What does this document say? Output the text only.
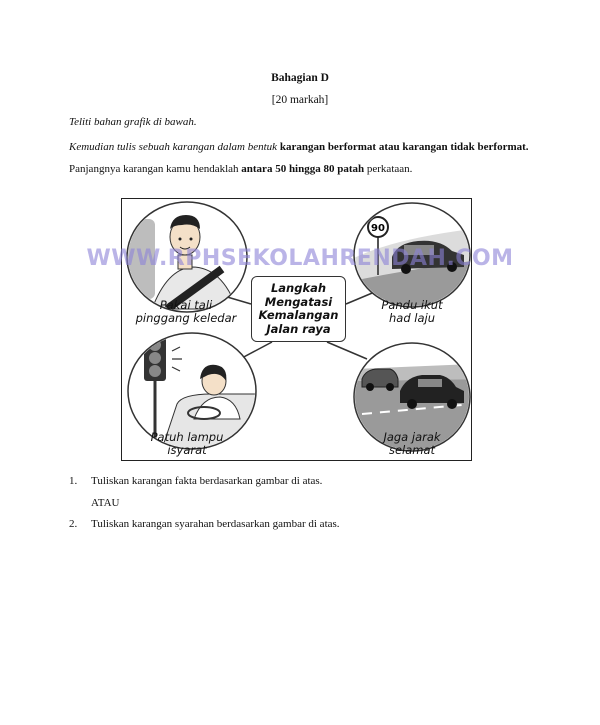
Bahagian D
[20 markah]
Teliti bahan grafik di bawah.
Kemudian tulis sebuah karangan dalam bentuk karangan berformat atau karangan tidak berformat. Panjangnya karangan kamu hendaklah antara 50 hingga 80 patah perkataan.
90
Langkah
Mengatasi
Kemalangan
Jalan raya
Pakai tali
pinggang keledar
Pandu ikut
had laju
Patuh lampu
isyarat
Jaga jarak
selamat
WWW.RPHSEKOLAHRENDAH.COM
1. Tuliskan karangan fakta berdasarkan gambar di atas.
ATAU
2. Tuliskan karangan syarahan berdasarkan gambar di atas.
